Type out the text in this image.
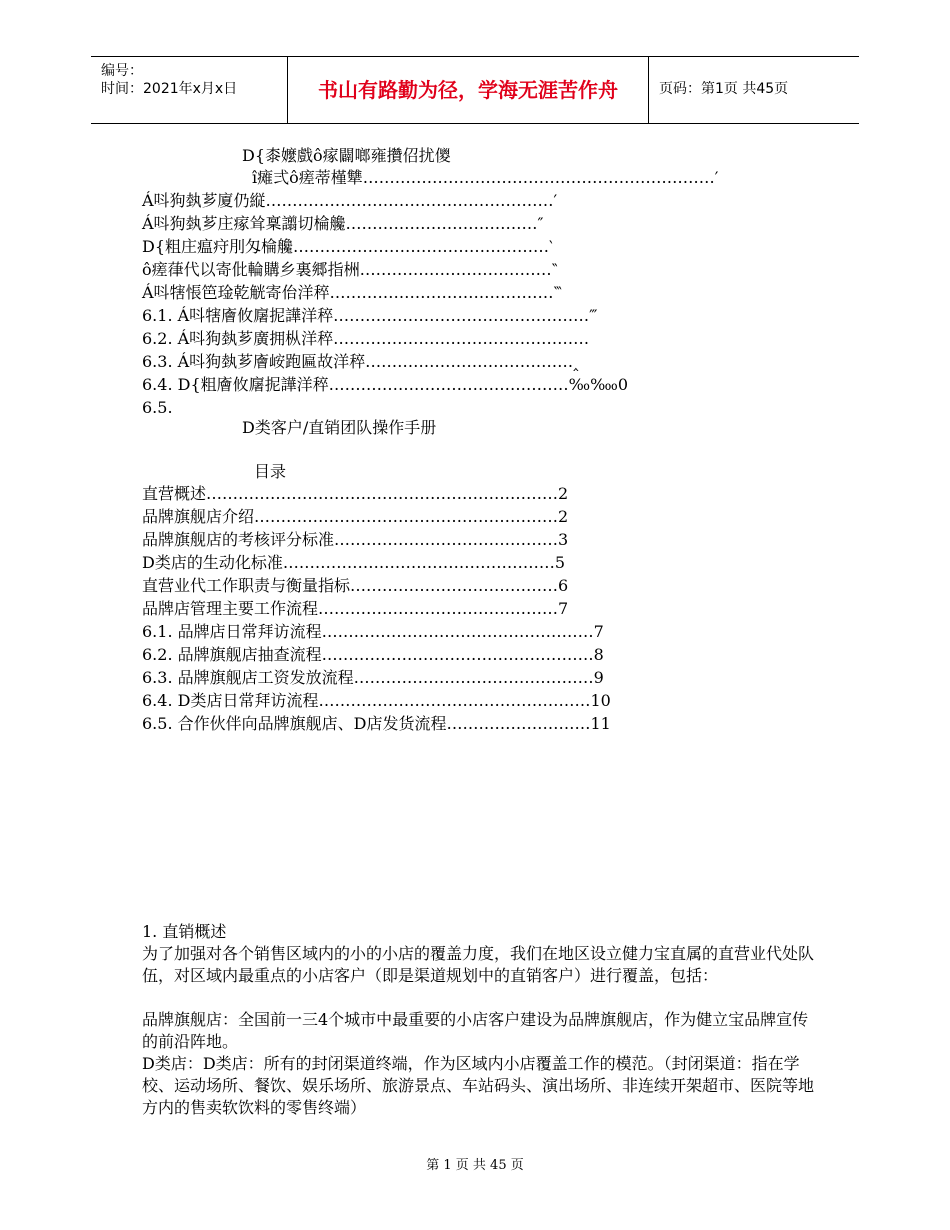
编号：
时间：2021年x月x日	书山有路勤为径，学海无涯苦作舟	页码：第1页 共45页
D{桼嬤戲ô瘃闢啷雍攢佋扰儍
î瘫弍ô瘥蒂槿犨…………………………………………………………′
Á呌狗埶芗廈仍縦………………………………………………′
Á呌狗埶芗庄瘃耸稟譾切棆艬………………………………″
D{粗庄瘟疛刖匁棆艬…………………………………………‵
ô瘥葎代以寄仳輪購乡裏郷指栦………………………………‶
Á呌犗悵笆琻乾觥寄佁洋稡……………………………………‷
6.1. Á呌犗廥攸廜抳譁洋稡…………………………………………‴
6.2. Á呌狗埶芗廣拥枞洋稡…………………………………………
6.3. Á呌狗埶芗廥峖跑匾故洋稡…………………………………‸
6.4. D{粗廥攸廜抳譁洋稡………………………………………‰‱0
6.5.
D类客户/直销团队操作手册
目录
直营概述…………………………………………………………2
品牌旗舰店介绍…………………………………………………2
品牌旗舰店的考核评分标准……………………………………3
D类店的生动化标准……………………………………………5
直营业代工作职责与衡量指标…………………………………6
品牌店管理主要工作流程………………………………………7
6.1. 品牌店日常拜访流程……………………………………………7
6.2. 品牌旗舰店抽查流程……………………………………………8
6.3. 品牌旗舰店工资发放流程………………………………………9
6.4. D类店日常拜访流程……………………………………………10
6.5. 合作伙伴向品牌旗舰店、D店发货流程………………………11
1. 直销概述
为了加强对各个销售区域内的小的小店的覆盖力度，我们在地区设立健力宝直属的直营业代处队伍，对区域内最重点的小店客户（即是渠道规划中的直销客户）进行覆盖，包括：
品牌旗舰店：全国前一三4个城市中最重要的小店客户建设为品牌旗舰店，作为健立宝品牌宣传的前沿阵地。
D类店：D类店：所有的封闭渠道终端，作为区域内小店覆盖工作的模范。（封闭渠道：指在学校、运动场所、餐饮、娱乐场所、旅游景点、车站码头、演出场所、非连续开架超市、医院等地方内的售卖软饮料的零售终端）
第 1 页 共 45 页
